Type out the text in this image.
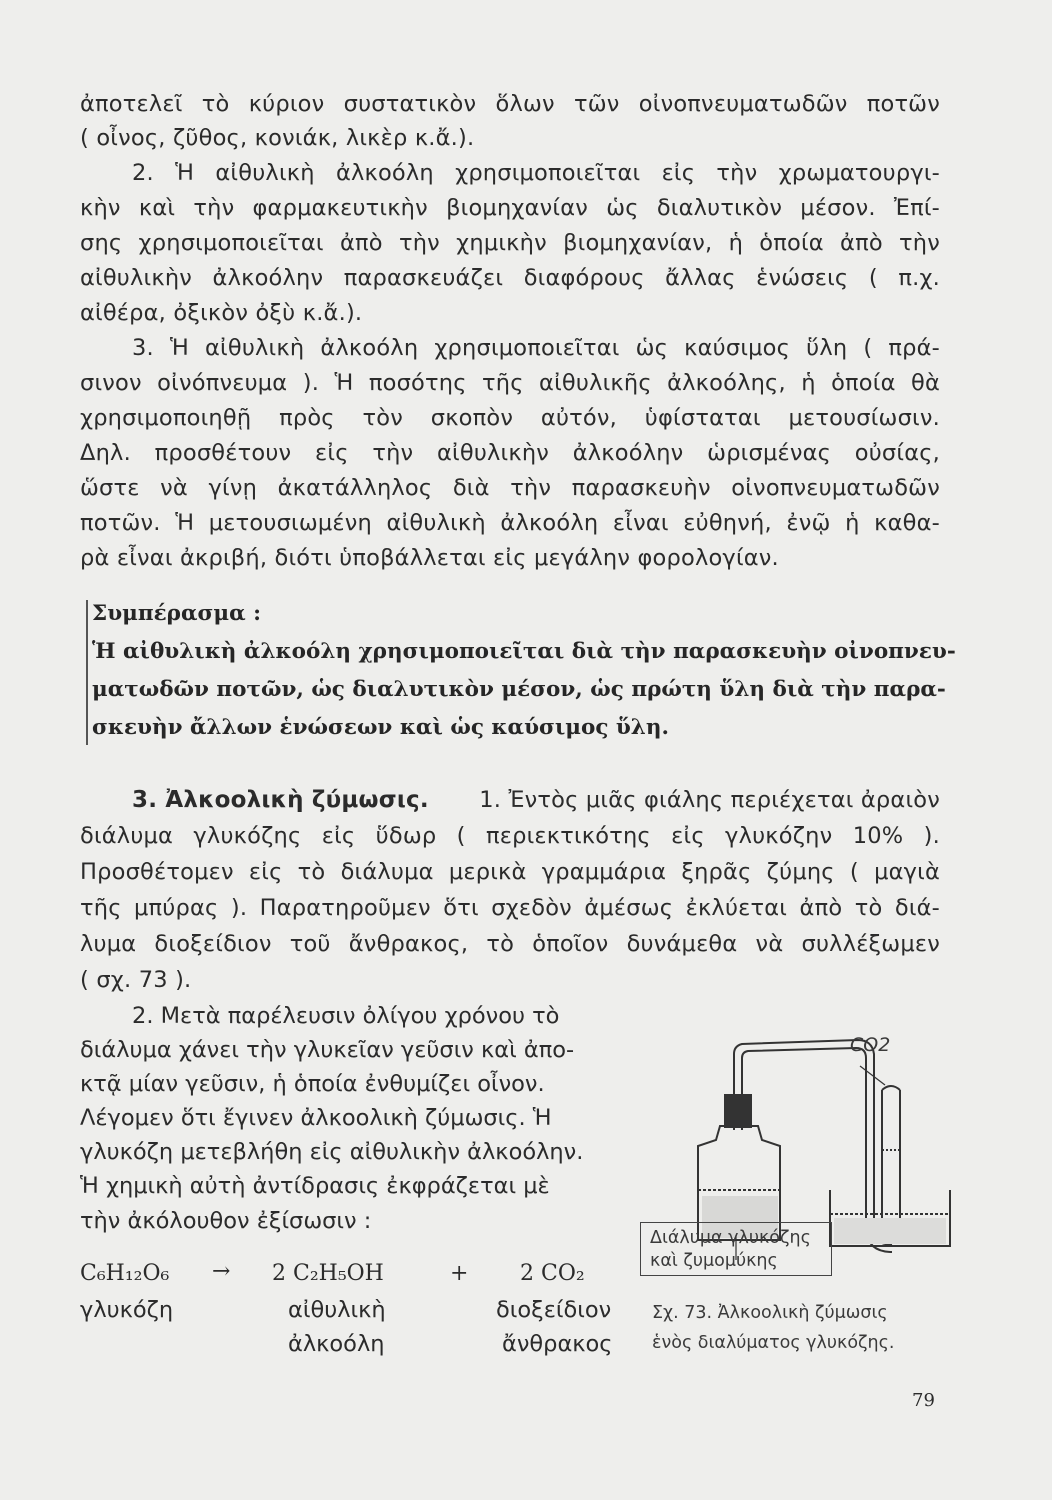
ἀποτελεῖ τὸ κύριον συστατικὸν ὅλων τῶν οἰνοπνευματωδῶν ποτῶν
( οἶνος, ζῦθος, κονιάκ, λικὲρ κ.ἄ.).
2. Ἡ αἰθυλικὴ ἀλκοόλη χρησιμοποιεῖται εἰς τὴν χρωματουργι-
κὴν καὶ τὴν φαρμακευτικὴν βιομηχανίαν ὡς διαλυτικὸν μέσον. Ἐπί-
σης χρησιμοποιεῖται ἀπὸ τὴν χημικὴν βιομηχανίαν, ἡ ὁποία ἀπὸ τὴν
αἰθυλικὴν ἀλκοόλην παρασκευάζει διαφόρους ἄλλας ἑνώσεις ( π.χ.
αἰθέρα, ὀξικὸν ὀξὺ κ.ἄ.).
3. Ἡ αἰθυλικὴ ἀλκοόλη χρησιμοποιεῖται ὡς καύσιμος ὕλη ( πρά-
σινον οἰνόπνευμα ). Ἡ ποσότης τῆς αἰθυλικῆς ἀλκοόλης, ἡ ὁποία θὰ
χρησιμοποιηθῇ πρὸς τὸν σκοπὸν αὐτόν, ὑφίσταται μετουσίωσιν.
Δηλ. προσθέτουν εἰς τὴν αἰθυλικὴν ἀλκοόλην ὡρισμένας οὐσίας,
ὥστε νὰ γίνῃ ἀκατάλληλος διὰ τὴν παρασκευὴν οἰνοπνευματωδῶν
ποτῶν. Ἡ μετουσιωμένη αἰθυλικὴ ἀλκοόλη εἶναι εὐθηνή, ἐνῷ ἡ καθα-
ρὰ εἶναι ἀκριβή, διότι ὑποβάλλεται εἰς μεγάλην φορολογίαν.
Συμπέρασμα :
Ἡ αἰθυλικὴ ἀλκοόλη χρησιμοποιεῖται διὰ τὴν παρασκευὴν οἰνοπνευ-
ματωδῶν ποτῶν, ὡς διαλυτικὸν μέσον, ὡς πρώτη ὕλη διὰ τὴν παρα-
σκευὴν ἄλλων ἑνώσεων καὶ ὡς καύσιμος ὕλη.
3. Ἀλκοολικὴ ζύμωσις. 1. Ἐντὸς μιᾶς φιάλης περιέχεται ἀραιὸν
διάλυμα γλυκόζης εἰς ὕδωρ ( περιεκτικότης εἰς γλυκόζην 10% ).
Προσθέτομεν εἰς τὸ διάλυμα μερικὰ γραμμάρια ξηρᾶς ζύμης ( μαγιὰ
τῆς μπύρας ). Παρατηροῦμεν ὅτι σχεδὸν ἀμέσως ἐκλύεται ἀπὸ τὸ διά-
λυμα διοξείδιον τοῦ ἄνθρακος, τὸ ὁποῖον δυνάμεθα νὰ συλλέξωμεν
( σχ. 73 ).
2. Μετὰ παρέλευσιν ὀλίγου χρόνου τὸ
διάλυμα χάνει τὴν γλυκεῖαν γεῦσιν καὶ ἀπο-
κτᾷ μίαν γεῦσιν, ἡ ὁποία ἐνθυμίζει οἶνον.
Λέγομεν ὅτι ἔγινεν ἀλκοολικὴ ζύμωσις. Ἡ
γλυκόζη μετεβλήθη εἰς αἰθυλικὴν ἀλκοόλην.
Ἡ χημικὴ αὐτὴ ἀντίδρασις ἐκφράζεται μὲ
τὴν ἀκόλουθον ἐξίσωσιν :
C₆H₁₂O₆ → 2 C₂H₅OH	+ 2 CO₂
γλυκόζη	αἰθυλικὴ
ἀλκοόλη
διοξείδιον
ἄνθρακος
CO2
Διάλυμα γλυκόζης
καὶ ζυμομύκης
Σχ. 73. Ἀλκοολικὴ ζύμωσις
ἑνὸς διαλύματος γλυκόζης.
79
